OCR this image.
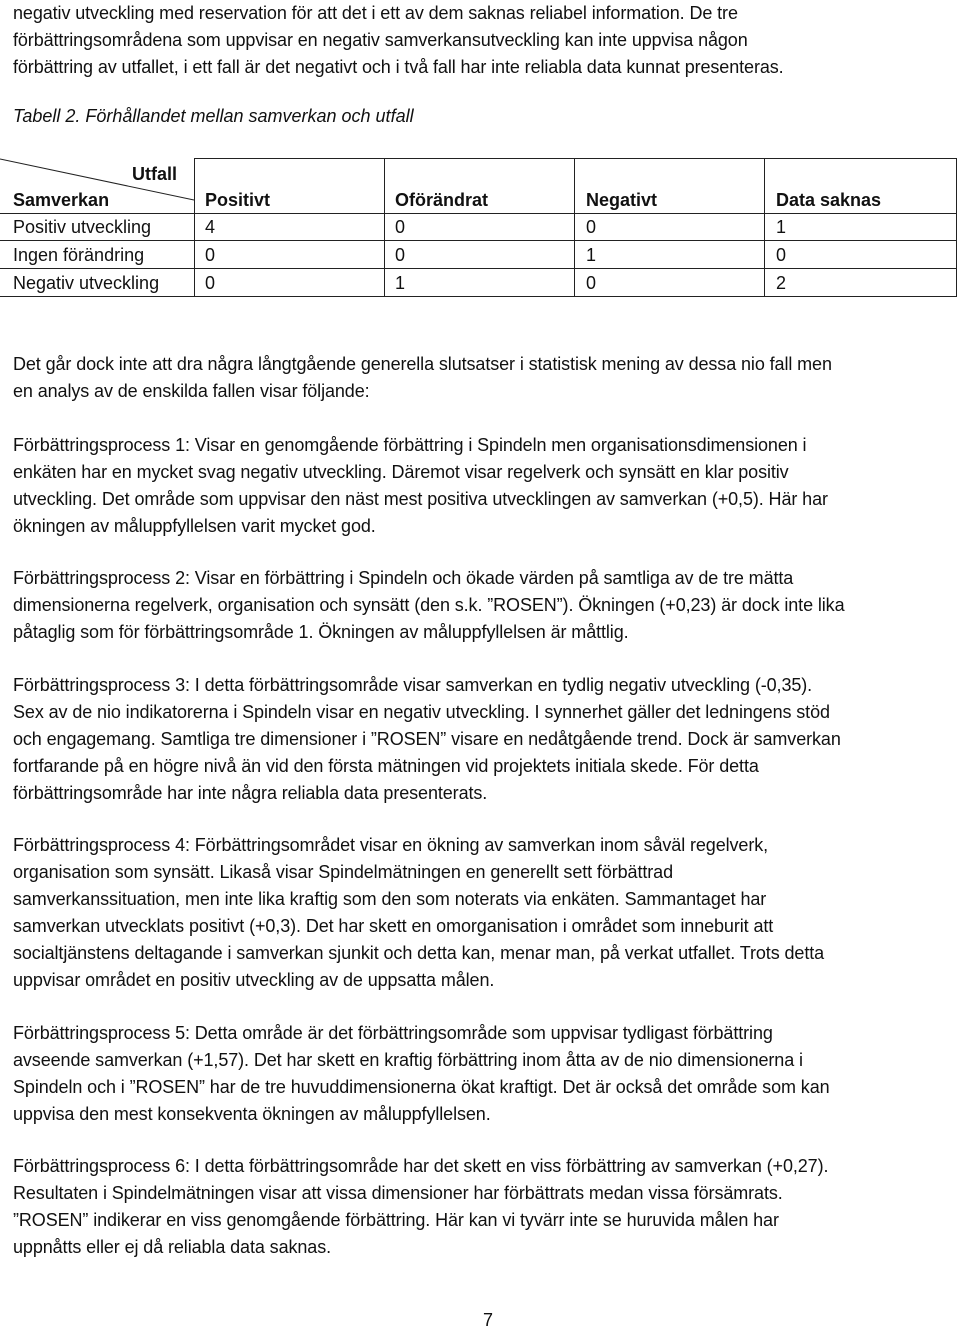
negativ utveckling med reservation för att det i ett av dem saknas reliabel information. De tre
förbättringsområdena som uppvisar en negativ samverkansutveckling kan inte uppvisa någon
förbättring av utfallet, i ett fall är det negativt och i två fall har inte reliabla data kunnat presenteras.

Tabell 2. Förhållandet mellan samverkan och utfall
Utfall
Samverkan	Positivt	Oförändrat	Negativt	Data saknas
Positiv utveckling	4	0	0	1
Ingen förändring	0	0	1	0
Negativ utveckling	0	1	0	2
Det går dock inte att dra några långtgående generella slutsatser i statistisk mening av dessa nio fall men
en analys av de enskilda fallen visar följande:
Förbättringsprocess 1: Visar en genomgående förbättring i Spindeln men organisationsdimensionen i
enkäten har en mycket svag negativ utveckling. Däremot visar regelverk och synsätt en klar positiv
utveckling. Det område som uppvisar den näst mest positiva utvecklingen av samverkan (+0,5). Här har
ökningen av måluppfyllelsen varit mycket god.
Förbättringsprocess 2: Visar en förbättring i Spindeln och ökade värden på samtliga av de tre mätta
dimensionerna regelverk, organisation och synsätt (den s.k. ”ROSEN”). Ökningen (+0,23) är dock inte lika
påtaglig som för förbättringsområde 1. Ökningen av måluppfyllelsen är måttlig.
Förbättringsprocess 3: I detta förbättringsområde visar samverkan en tydlig negativ utveckling (-0,35).
Sex av de nio indikatorerna i Spindeln visar en negativ utveckling. I synnerhet gäller det ledningens stöd
och engagemang. Samtliga tre dimensioner i ”ROSEN” visare en nedåtgående trend. Dock är samverkan
fortfarande på en högre nivå än vid den första mätningen vid projektets initiala skede. För detta
förbättringsområde har inte några reliabla data presenterats.
Förbättringsprocess 4: Förbättringsområdet visar en ökning av samverkan inom såväl regelverk,
organisation som synsätt. Likaså visar Spindelmätningen en generellt sett förbättrad
samverkanssituation, men inte lika kraftig som den som noterats via enkäten. Sammantaget har
samverkan utvecklats positivt (+0,3). Det har skett en omorganisation i området som inneburit att
socialtjänstens deltagande i samverkan sjunkit och detta kan, menar man, på verkat utfallet. Trots detta
uppvisar området en positiv utveckling av de uppsatta målen.
Förbättringsprocess 5: Detta område är det förbättringsområde som uppvisar tydligast förbättring
avseende samverkan (+1,57). Det har skett en kraftig förbättring inom åtta av de nio dimensionerna i
Spindeln och i ”ROSEN” har de tre huvuddimensionerna ökat kraftigt. Det är också det område som kan
uppvisa den mest konsekventa ökningen av måluppfyllelsen.
Förbättringsprocess 6: I detta förbättringsområde har det skett en viss förbättring av samverkan (+0,27).
Resultaten i Spindelmätningen visar att vissa dimensioner har förbättrats medan vissa försämrats.
”ROSEN” indikerar en viss genomgående förbättring. Här kan vi tyvärr inte se huruvida målen har
uppnåtts eller ej då reliabla data saknas.
7
